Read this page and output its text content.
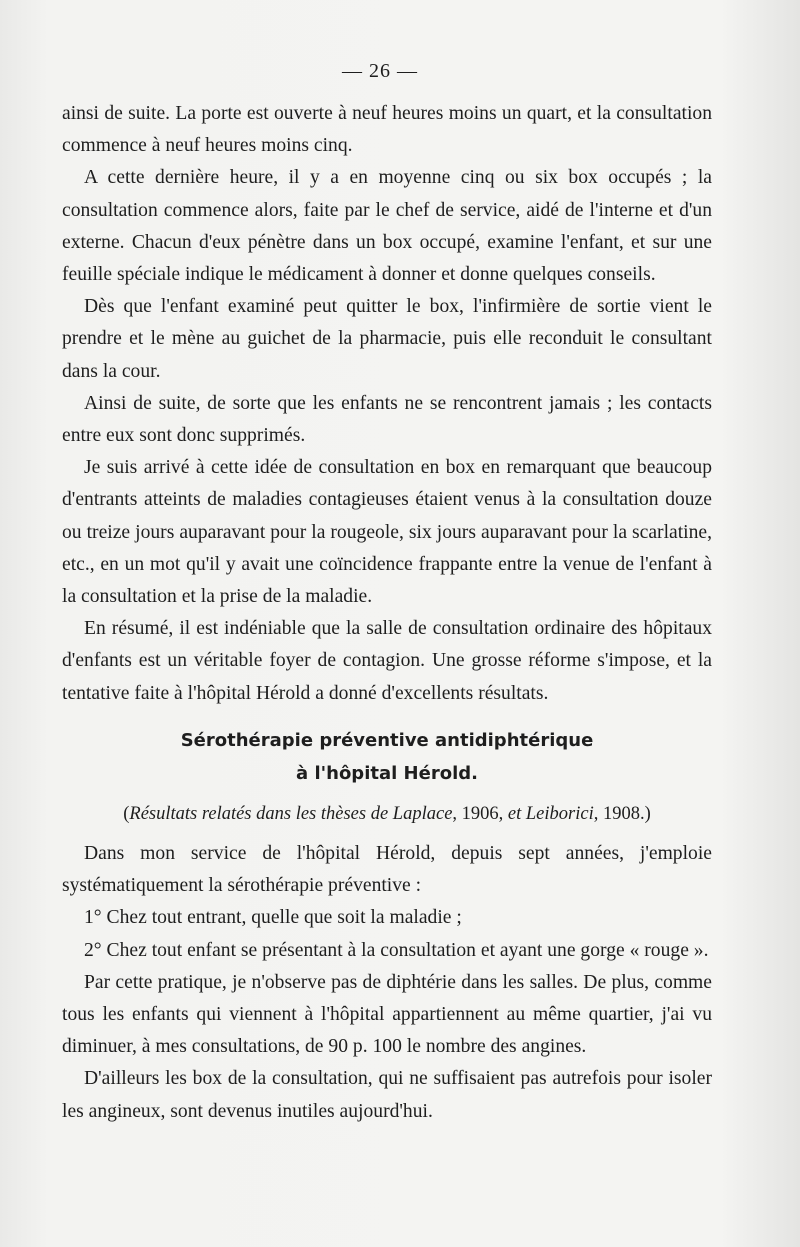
— 26 —

ainsi de suite. La porte est ouverte à neuf heures moins un quart, et la consultation commence à neuf heures moins cinq.

A cette dernière heure, il y a en moyenne cinq ou six box occupés ; la consultation commence alors, faite par le chef de service, aidé de l'interne et d'un externe. Chacun d'eux pénètre dans un box occupé, examine l'enfant, et sur une feuille spéciale indique le médicament à donner et donne quelques conseils.

Dès que l'enfant examiné peut quitter le box, l'infirmière de sortie vient le prendre et le mène au guichet de la pharmacie, puis elle reconduit le consultant dans la cour.

Ainsi de suite, de sorte que les enfants ne se rencontrent jamais ; les contacts entre eux sont donc supprimés.

Je suis arrivé à cette idée de consultation en box en remarquant que beaucoup d'entrants atteints de maladies contagieuses étaient venus à la consultation douze ou treize jours auparavant pour la rougeole, six jours auparavant pour la scarlatine, etc., en un mot qu'il y avait une coïncidence frappante entre la venue de l'enfant à la consultation et la prise de la maladie.

En résumé, il est indéniable que la salle de consultation ordinaire des hôpitaux d'enfants est un véritable foyer de contagion. Une grosse réforme s'impose, et la tentative faite à l'hôpital Hérold a donné d'excellents résultats.

Sérothérapie préventive antidiphtérique
à l'hôpital Hérold.
(Résultats relatés dans les thèses de Laplace, 1906, et Leiborici, 1908.)

Dans mon service de l'hôpital Hérold, depuis sept années, j'emploie systématiquement la sérothérapie préventive :

1° Chez tout entrant, quelle que soit la maladie ;

2° Chez tout enfant se présentant à la consultation et ayant une gorge « rouge ».

Par cette pratique, je n'observe pas de diphtérie dans les salles. De plus, comme tous les enfants qui viennent à l'hôpital appartiennent au même quartier, j'ai vu diminuer, à mes consultations, de 90 p. 100 le nombre des angines.

D'ailleurs les box de la consultation, qui ne suffisaient pas autrefois pour isoler les angineux, sont devenus inutiles aujourd'hui.
